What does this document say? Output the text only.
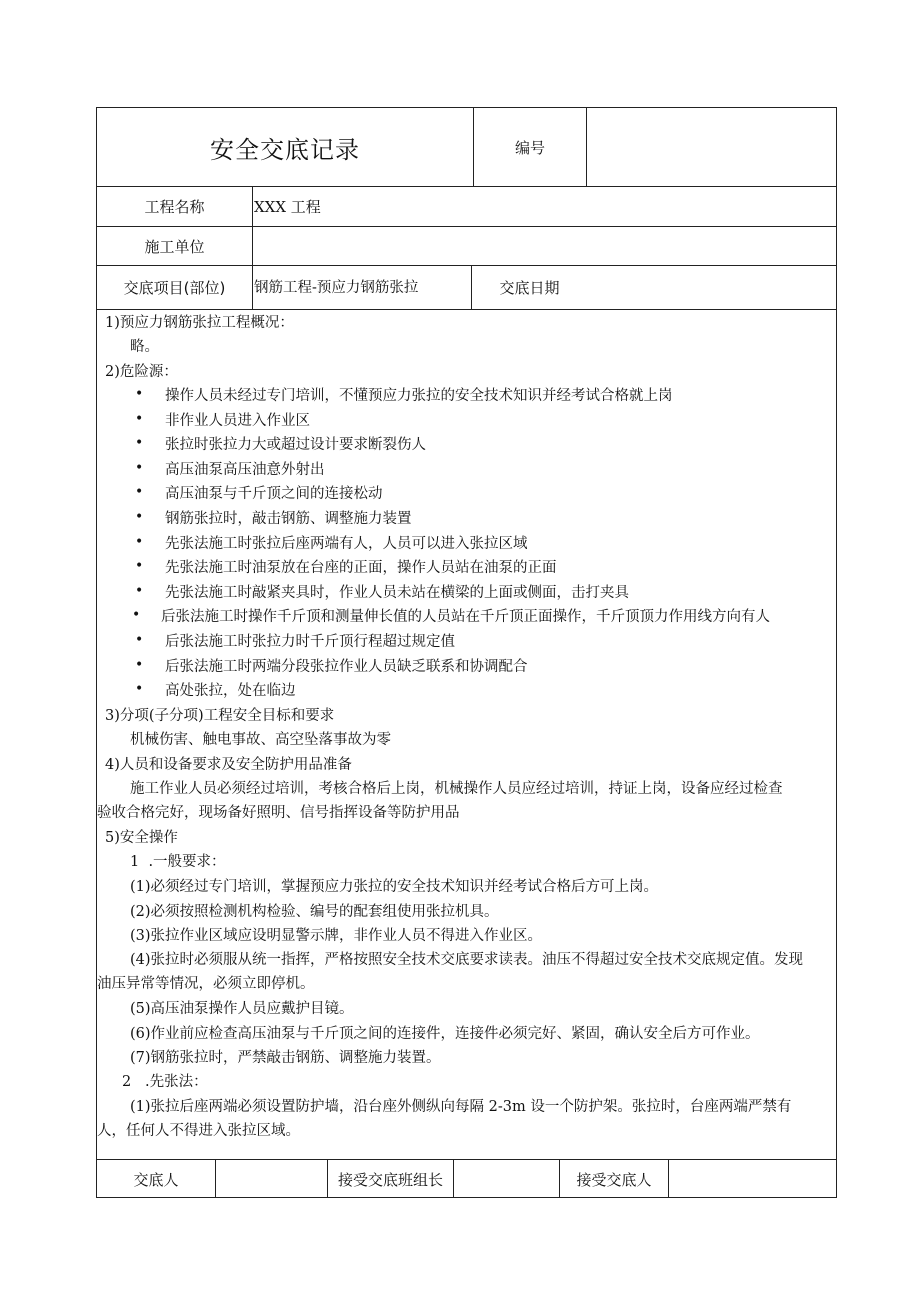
安全交底记录	编号
工程名称	XXX 工程
施工单位
交底项目(部位)	钢筋工程-预应力钢筋张拉	交底日期
1)预应力钢筋张拉工程概况：
略。
2)危险源：
• 操作人员未经过专门培训，不懂预应力张拉的安全技术知识并经考试合格就上岗
• 非作业人员进入作业区
• 张拉时张拉力大或超过设计要求断裂伤人
• 高压油泵高压油意外射出
• 高压油泵与千斤顶之间的连接松动
• 钢筋张拉时，敲击钢筋、调整施力装置
• 先张法施工时张拉后座两端有人，人员可以进入张拉区域
• 先张法施工时油泵放在台座的正面，操作人员站在油泵的正面
• 先张法施工时敲紧夹具时，作业人员未站在横梁的上面或侧面，击打夹具
• 后张法施工时操作千斤顶和测量伸长值的人员站在千斤顶正面操作，千斤顶顶力作用线方向有人
• 后张法施工时张拉力时千斤顶行程超过规定值
• 后张法施工时两端分段张拉作业人员缺乏联系和协调配合
• 高处张拉，处在临边
3)分项(子分项)工程安全目标和要求
机械伤害、触电事故、高空坠落事故为零
4)人员和设备要求及安全防护用品准备
施工作业人员必须经过培训，考核合格后上岗，机械操作人员应经过培训，持证上岗，设备应经过检查
验收合格完好，现场备好照明、信号指挥设备等防护用品
5)安全操作
1  .一般要求：
(1)必须经过专门培训，掌握预应力张拉的安全技术知识并经考试合格后方可上岗。
(2)必须按照检测机构检验、编号的配套组使用张拉机具。
(3)张拉作业区域应设明显警示牌，非作业人员不得进入作业区。
(4)张拉时必须服从统一指挥，严格按照安全技术交底要求读表。油压不得超过安全技术交底规定值。发现
油压异常等情况，必须立即停机。
(5)高压油泵操作人员应戴护目镜。
(6)作业前应检查高压油泵与千斤顶之间的连接件，连接件必须完好、紧固，确认安全后方可作业。
(7)钢筋张拉时，严禁敲击钢筋、调整施力装置。
2   .先张法：
(1)张拉后座两端必须设置防护墙，沿台座外侧纵向每隔 2-3m 设一个防护架。张拉时，台座两端严禁有
人，任何人不得进入张拉区域。
交底人	接受交底班组长	接受交底人
